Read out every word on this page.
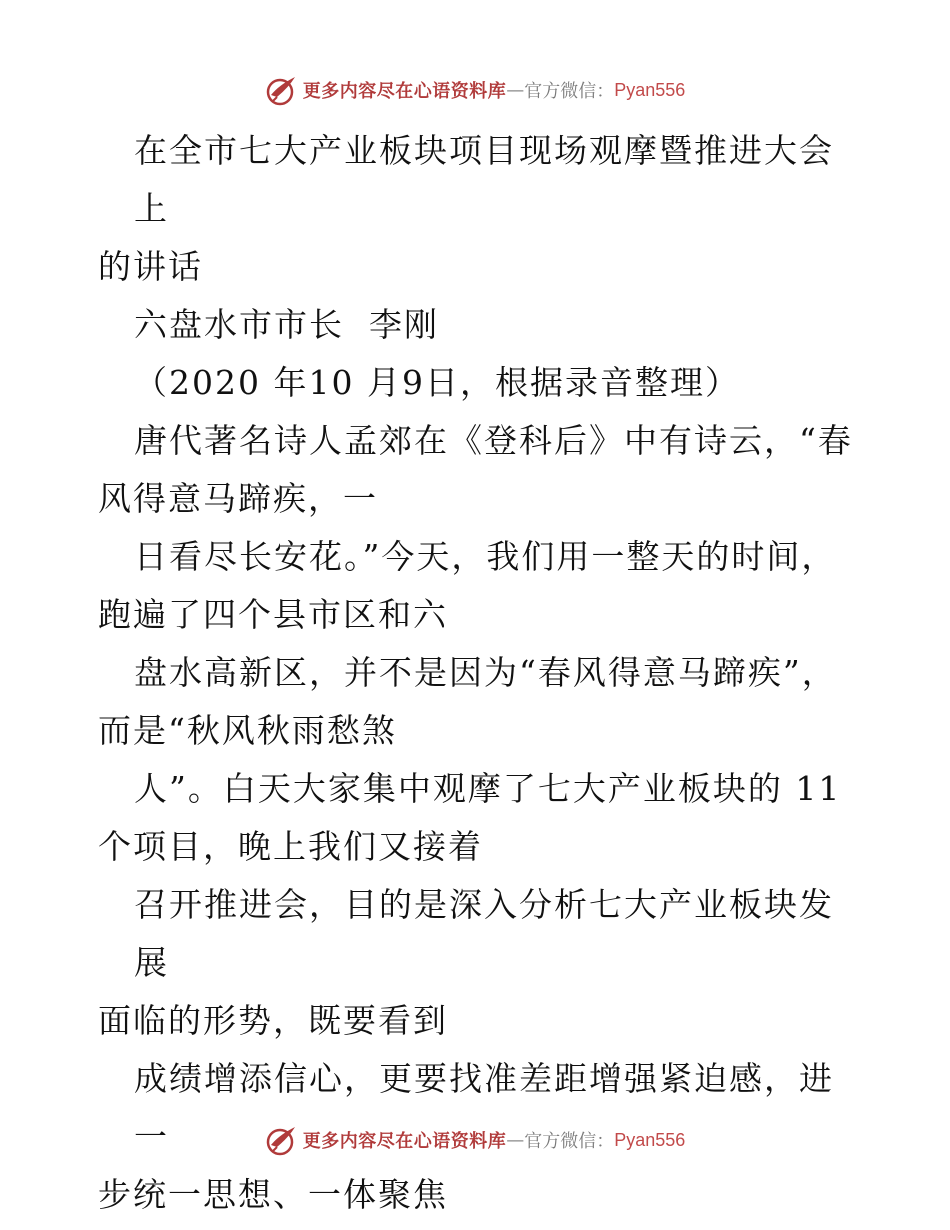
更多内容尽在心语资料库 — 官方微信： Pyan556

在全市七大产业板块项目现场观摩暨推进大会上

的讲话

六盘水市市长  李刚

（2020 年10 月9日，根据录音整理）

唐代著名诗人孟郊在《登科后》中有诗云，“春

风得意马蹄疾，一

日看尽长安花。”今天，我们用一整天的时间，

跑遍了四个县市区和六

盘水高新区，并不是因为“春风得意马蹄疾”，

而是“秋风秋雨愁煞

人”。白天大家集中观摩了七大产业板块的 11

个项目，晚上我们又接着

召开推进会，目的是深入分析七大产业板块发展

面临的形势，既要看到

成绩增添信心，更要找准差距增强紧迫感，进一

步统一思想、一体聚焦

更多内容尽在心语资料库 — 官方微信： Pyan556
